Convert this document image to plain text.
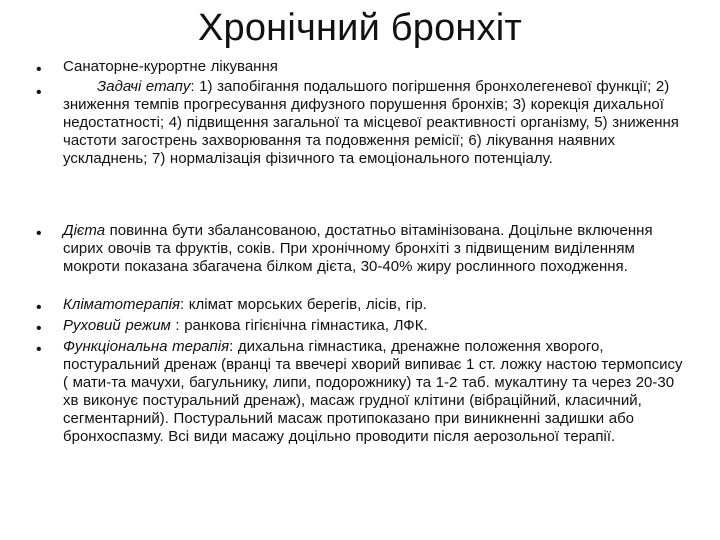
Хронічний бронхіт
•	Санаторне-курортне лікування
•	Задачі етапу: 1) запобігання подальшого погіршення бронхолегеневої функції; 2) зниження темпів прогресування дифузного порушення бронхів; 3) корекція дихальної недостатності; 4) підвищення загальної та місцевої реактивності організму, 5) зниження частоти загострень захворювання та подовження ремісії; 6) лікування наявних ускладнень; 7) нормалізація фізичного та емоціонального потенціалу.
•	Дієта повинна бути збалансованою, достатньо вітамінізована. Доцільне включення сирих овочів та фруктів, соків. При хронічному бронхіті з підвищеним виділенням мокроти показана збагачена білком дієта, 30-40% жиру рослинного походження.
•	Кліматотерапія: клімат морських берегів, лісів, гір.
•	Руховий режим : ранкова гігієнічна гімнастика, ЛФК.
•	Функціональна терапія: дихальна гімнастика, дренажне положення хворого, постуральний дренаж (вранці та ввечері хворий випиває 1 ст. ложку настою термопсису ( мати-та мачухи, багульнику, липи, подорожнику) та 1-2 таб. мукалтину та через 20-30 хв виконує постуральний дренаж), масаж грудної клітини (вібраційний, класичний, сегментарний). Постуральний масаж протипоказано при виникненні задишки або бронхоспазму. Всі види масажу доцільно проводити після аерозольної терапії.
